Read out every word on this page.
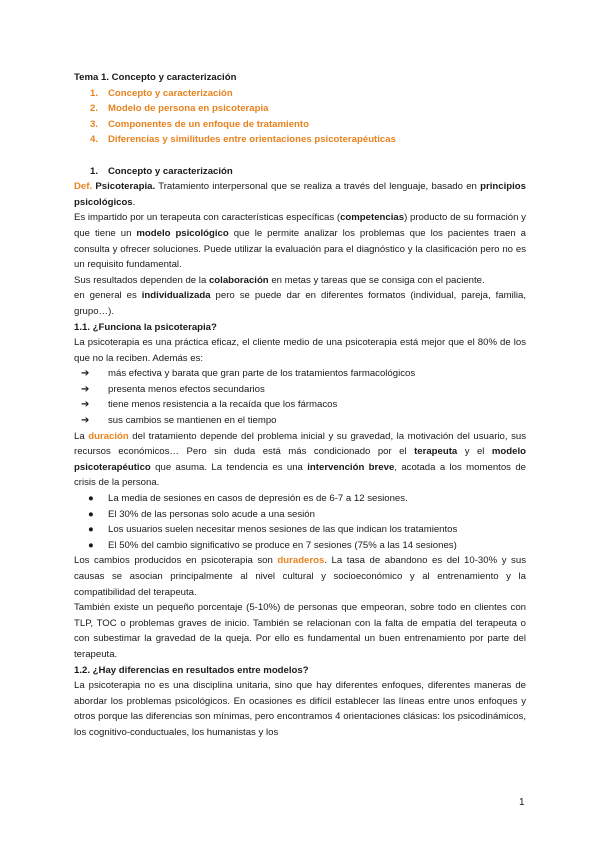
Tema 1. Concepto y caracterización

1. Concepto y caracterización
2. Modelo de persona en psicoterapia
3. Componentes de un enfoque de tratamiento
4. Diferencias y similitudes entre orientaciones psicoterapéuticas
1. Concepto y caracterización

Def. Psicoterapia. Tratamiento interpersonal que se realiza a través del lenguaje, basado en principios psicológicos.

Es impartido por un terapeuta con características específicas (competencias) producto de su formación y que tiene un modelo psicológico que le permite analizar los problemas que los pacientes traen a consulta y ofrecer soluciones. Puede utilizar la evaluación para el diagnóstico y la clasificación pero no es un requisito fundamental.

Sus resultados dependen de la colaboración en metas y tareas que se consiga con el paciente.

en general es individualizada pero se puede dar en diferentes formatos (individual, pareja, familia, grupo…).

1.1. ¿Funciona la psicoterapia?

La psicoterapia es una práctica eficaz, el cliente medio de una psicoterapia está mejor que el 80% de los que no la reciben. Además es:

➔ más efectiva y barata que gran parte de los tratamientos farmacológicos
➔ presenta menos efectos secundarios
➔ tiene menos resistencia a la recaída que los fármacos
➔ sus cambios se mantienen en el tiempo

La duración del tratamiento depende del problema inicial y su gravedad, la motivación del usuario, sus recursos económicos… Pero sin duda está más condicionado por el terapeuta y el modelo psicoterapéutico que asuma. La tendencia es una intervención breve, acotada a los momentos de crisis de la persona.

● La media de sesiones en casos de depresión es de 6-7 a 12 sesiones.
● El 30% de las personas solo acude a una sesión
● Los usuarios suelen necesitar menos sesiones de las que indican los tratamientos
● El 50% del cambio significativo se produce en 7 sesiones (75% a las 14 sesiones)

Los cambios producidos en psicoterapia son duraderos. La tasa de abandono es del 10-30% y sus causas se asocian principalmente al nivel cultural y socioeconómico y al entrenamiento y la compatibilidad del terapeuta.

También existe un pequeño porcentaje (5-10%) de personas que empeoran, sobre todo en clientes con TLP, TOC o problemas graves de inicio. También se relacionan con la falta de empatía del terapeuta o con subestimar la gravedad de la queja. Por ello es fundamental un buen entrenamiento por parte del terapeuta.

1.2. ¿Hay diferencias en resultados entre modelos?

La psicoterapia no es una disciplina unitaria, sino que hay diferentes enfoques, diferentes maneras de abordar los problemas psicológicos. En ocasiones es difícil establecer las líneas entre unos enfoques y otros porque las diferencias son mínimas, pero encontramos 4 orientaciones clásicas: los psicodinámicos, los cognitivo-conductuales, los humanistas y los

1
